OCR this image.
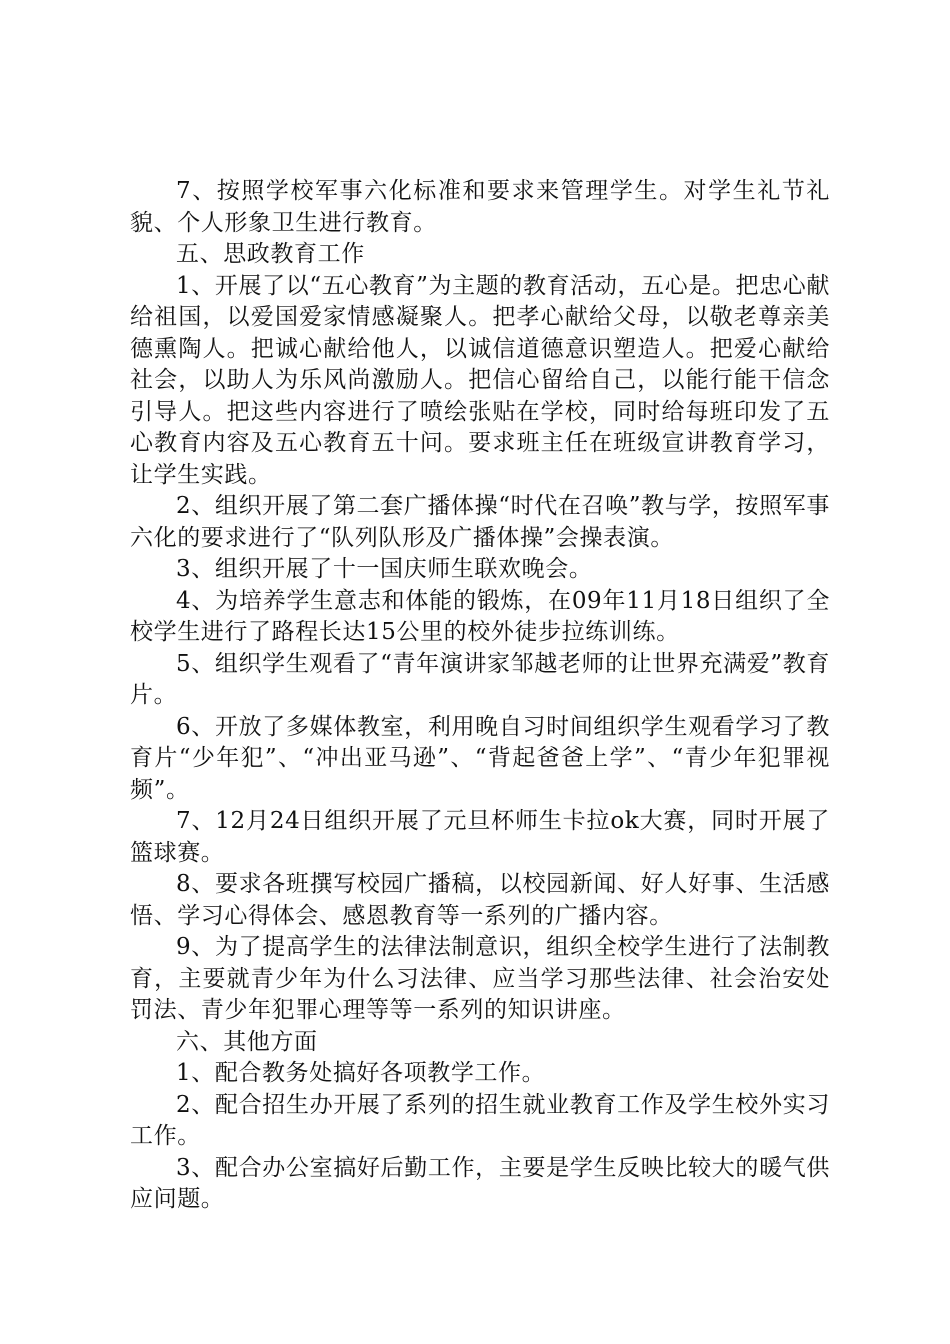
7、按照学校军事六化标准和要求来管理学生。对学生礼节礼貌、个人形象卫生进行教育。

五、思政教育工作

1、开展了以“五心教育”为主题的教育活动，五心是。把忠心献给祖国，以爱国爱家情感凝聚人。把孝心献给父母，以敬老尊亲美德熏陶人。把诚心献给他人，以诚信道德意识塑造人。把爱心献给社会，以助人为乐风尚激励人。把信心留给自己，以能行能干信念引导人。把这些内容进行了喷绘张贴在学校，同时给每班印发了五心教育内容及五心教育五十问。要求班主任在班级宣讲教育学习，让学生实践。

2、组织开展了第二套广播体操“时代在召唤”教与学，按照军事六化的要求进行了“队列队形及广播体操”会操表演。

3、组织开展了十一国庆师生联欢晚会。

4、为培养学生意志和体能的锻炼，在09年11月18日组织了全校学生进行了路程长达15公里的校外徒步拉练训练。

5、组织学生观看了“青年演讲家邹越老师的让世界充满爱”教育片。

6、开放了多媒体教室，利用晚自习时间组织学生观看学习了教育片“少年犯”、“冲出亚马逊”、“背起爸爸上学”、“青少年犯罪视频”。

7、12月24日组织开展了元旦杯师生卡拉ok大赛，同时开展了篮球赛。

8、要求各班撰写校园广播稿，以校园新闻、好人好事、生活感悟、学习心得体会、感恩教育等一系列的广播内容。

9、为了提高学生的法律法制意识，组织全校学生进行了法制教育，主要就青少年为什么习法律、应当学习那些法律、社会治安处罚法、青少年犯罪心理等等一系列的知识讲座。

六、其他方面

1、配合教务处搞好各项教学工作。

2、配合招生办开展了系列的招生就业教育工作及学生校外实习工作。

3、配合办公室搞好后勤工作，主要是学生反映比较大的暖气供应问题。
